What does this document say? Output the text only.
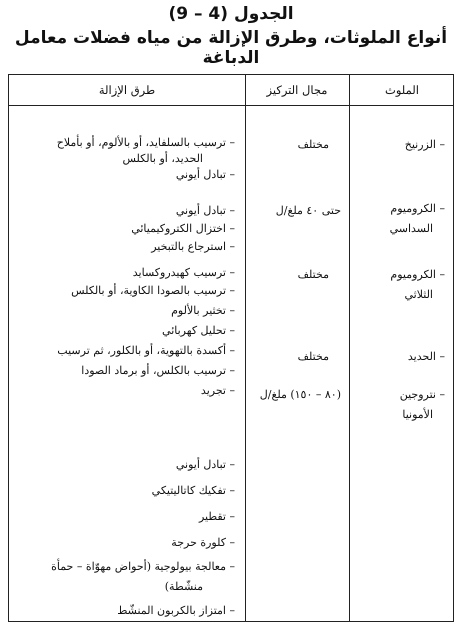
الجدول (4 – 9)
أنواع الملوثات، وطرق الإزالة من مياه فضلات معامل الدباغة
الملوث
مجال التركيز
طرق الإزالة
– الزرنيخ
مختلف
– ترسيب بالسلفايد، أو بالألوم، أو بأملاح
الحديد، أو بالكلس
– تبادل أيوني
– الكروميوم
السداسي
حتى ٤٠ ملغ/ل
– تبادل أيوني
– اختزال الكتروكيميائي
– استرجاع بالتبخير
– الكروميوم
الثلاثي
مختلف
– ترسيب كهيدروكسايد
– ترسيب بالصودا الكاوية، أو بالكلس
– تخثير بالألوم
– تحليل كهربائي
– الحديد
مختلف
– أكسدة بالتهوية، أو بالكلور، ثم ترسيب
– ترسيب بالكلس، أو برماد الصودا
– نتروجين
الأمونيا
(٨٠ – ١٥٠) ملغ/ل
– تجريد
– تبادل أيوني
– تفكيك كاتاليتيكي
– تقطير
– كلورة حرجة
– معالجة بيولوجية (أحواض مهوّاة – حمأة
منشّطة)
– امتزاز بالكربون المنشّط
